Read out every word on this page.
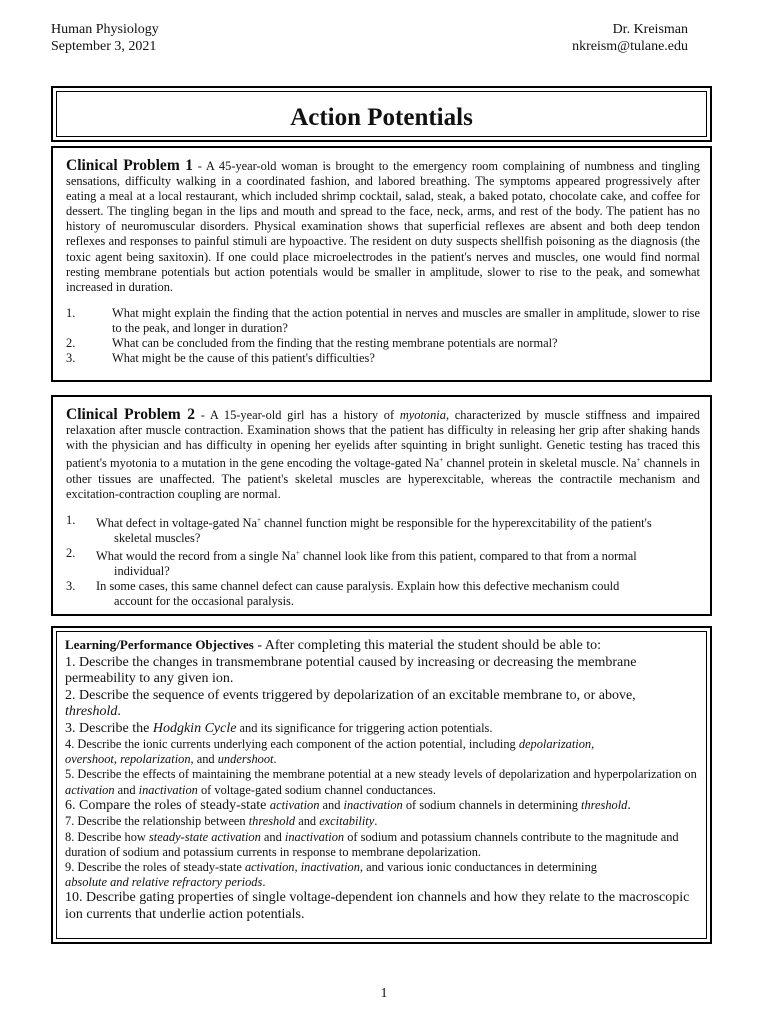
Human Physiology
September 3, 2021
Dr. Kreisman
nkreism@tulane.edu
Action Potentials
Clinical Problem 1 - A 45-year-old woman is brought to the emergency room complaining of numbness and tingling sensations, difficulty walking in a coordinated fashion, and labored breathing. The symptoms appeared progressively after eating a meal at a local restaurant, which included shrimp cocktail, salad, steak, a baked potato, chocolate cake, and coffee for dessert. The tingling began in the lips and mouth and spread to the face, neck, arms, and rest of the body. The patient has no history of neuromuscular disorders. Physical examination shows that superficial reflexes are absent and both deep tendon reflexes and responses to painful stimuli are hypoactive. The resident on duty suspects shellfish poisoning as the diagnosis (the toxic agent being saxitoxin). If one could place microelectrodes in the patient's nerves and muscles, one would find normal resting membrane potentials but action potentials would be smaller in amplitude, slower to rise to the peak, and somewhat increased in duration.
1.	What might explain the finding that the action potential in nerves and muscles are smaller in amplitude, slower to rise to the peak, and longer in duration?
2.	What can be concluded from the finding that the resting membrane potentials are normal?
3.	What might be the cause of this patient's difficulties?
Clinical Problem 2 - A 15-year-old girl has a history of myotonia, characterized by muscle stiffness and impaired relaxation after muscle contraction. Examination shows that the patient has difficulty in releasing her grip after shaking hands with the physician and has difficulty in opening her eyelids after squinting in bright sunlight. Genetic testing has traced this patient's myotonia to a mutation in the gene encoding the voltage-gated Na+ channel protein in skeletal muscle. Na+ channels in other tissues are unaffected. The patient's skeletal muscles are hyperexcitable, whereas the contractile mechanism and excitation-contraction coupling are normal.
1.	What defect in voltage-gated Na+ channel function might be responsible for the hyperexcitability of the patient's
skeletal muscles?
2.	What would the record from a single Na+ channel look like from this patient, compared to that from a normal
individual?
3.	In some cases, this same channel defect can cause paralysis. Explain how this defective mechanism could
account for the occasional paralysis.
Learning/Performance Objectives - After completing this material the student should be able to:
1. Describe the changes in transmembrane potential caused by increasing or decreasing the membrane permeability to any given ion.
2. Describe the sequence of events triggered by depolarization of an excitable membrane to, or above,
threshold.
3. Describe the Hodgkin Cycle and its significance for triggering action potentials.
4. Describe the ionic currents underlying each component of the action potential, including depolarization,
overshoot, repolarization, and undershoot.
5. Describe the effects of maintaining the membrane potential at a new steady levels of depolarization and hyperpolarization on activation and inactivation of voltage-gated sodium channel conductances.
6. Compare the roles of steady-state activation and inactivation of sodium channels in determining threshold.
7. Describe the relationship between threshold and excitability.
8. Describe how steady-state activation and inactivation of sodium and potassium channels contribute to the magnitude and duration of sodium and potassium currents in response to membrane depolarization.
9. Describe the roles of steady-state activation, inactivation, and various ionic conductances in determining
absolute and relative refractory periods.
10. Describe gating properties of single voltage-dependent ion channels and how they relate to the macroscopic ion currents that underlie action potentials.
1
